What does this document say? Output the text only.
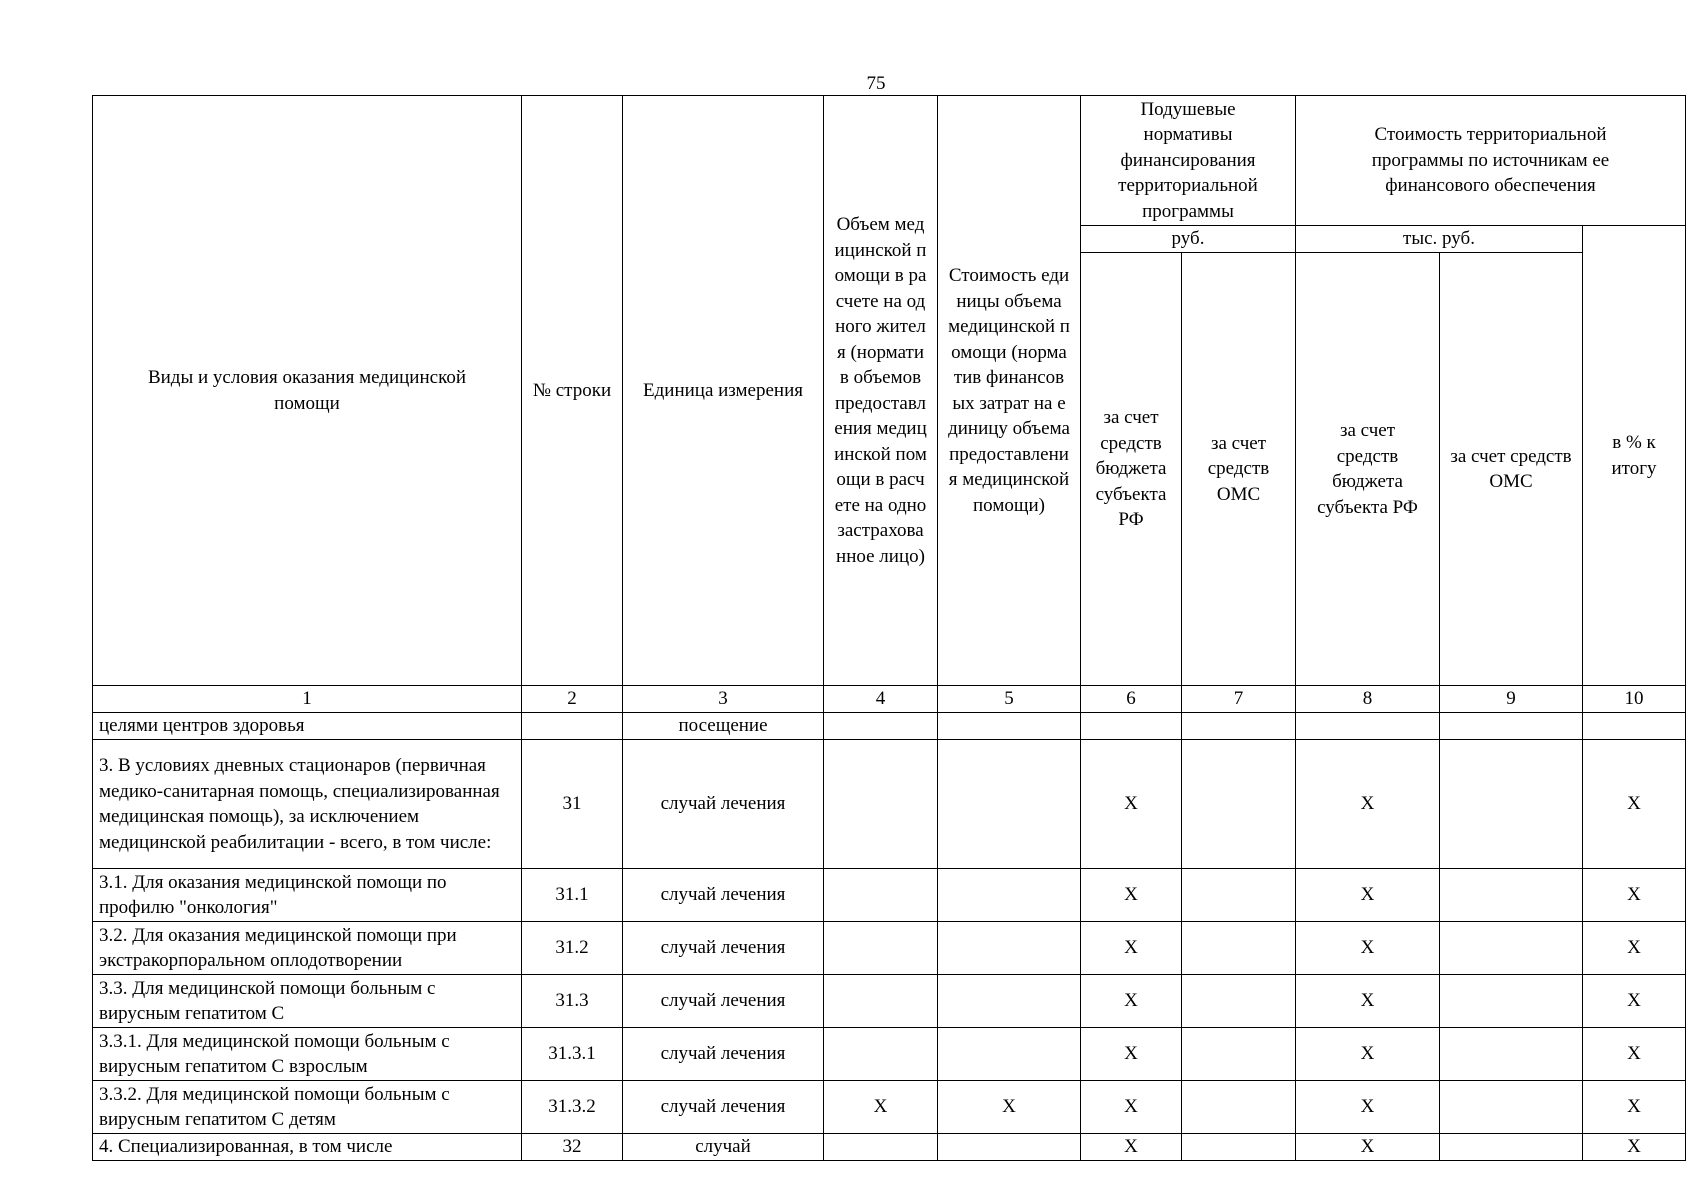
75
Виды и условия оказания медицинской помощи	№ строки	Единица измерения	Объем медицинской помощи в расчете на одного жителя (норматив объемов предоставления медицинской помощи в расчете на одно застрахованное лицо)	Стоимость единицы объема медицинской помощи (норматив финансовых затрат на единицу объема предоставления медицинской помощи)	Подушевые нормативы финансирования территориальной программы		Стоимость территориальной программы по источникам ее финансового обеспечения		
					руб.		тыс. руб.		в % к итогу
					за счет средств бюджета субъекта РФ	за счет средств ОМС	за счет средств бюджета субъекта РФ	за счет средств ОМС	
1	2	3	4	5	6	7	8	9	10
целями центров здоровья		посещение							
3. В условиях дневных стационаров (первичная медико-санитарная помощь, специализированная медицинская помощь), за исключением медицинской реабилитации - всего, в том числе:	31	случай лечения			X		X		X
3.1. Для оказания медицинской помощи по профилю "онкология"	31.1	случай лечения			X		X		X
3.2. Для оказания медицинской помощи при экстракорпоральном оплодотворении	31.2	случай лечения			X		X		X
3.3. Для медицинской помощи больным с вирусным гепатитом С	31.3	случай лечения			X		X		X
3.3.1. Для медицинской помощи больным с вирусным гепатитом С взрослым	31.3.1	случай лечения			X		X		X
3.3.2. Для медицинской помощи больным с вирусным гепатитом С детям	31.3.2	случай лечения	X	X	X		X		X
4. Специализированная, в том числе	32	случай			X		X		X
